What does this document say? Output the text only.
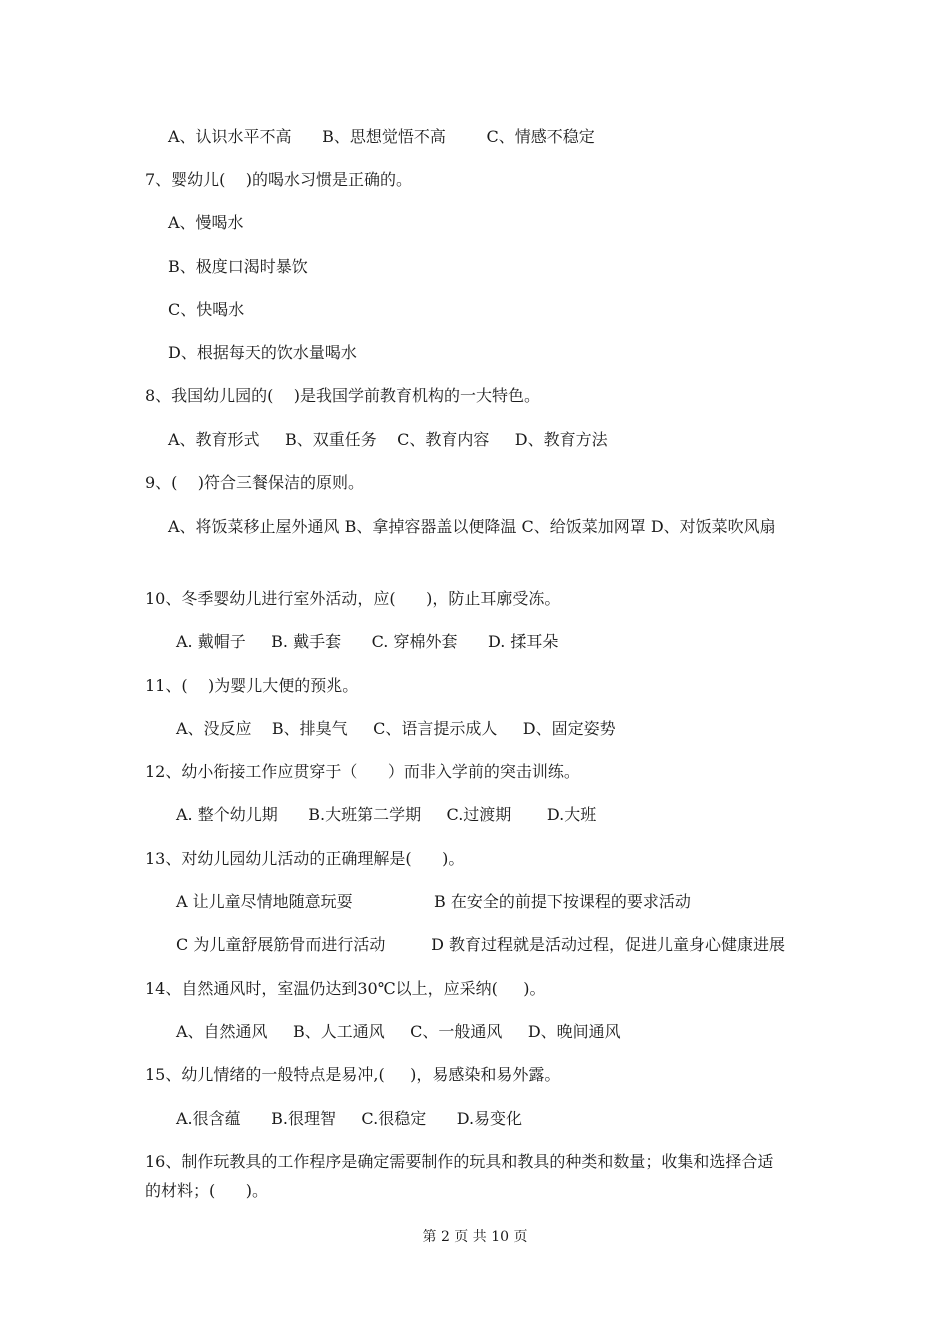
A、认识水平不高      B、思想觉悟不高        C、情感不稳定

7、婴幼儿(    )的喝水习惯是正确的。

A、慢喝水

B、极度口渴时暴饮

C、快喝水

D、根据每天的饮水量喝水

8、我国幼儿园的(    )是我国学前教育机构的一大特色。

A、教育形式     B、双重任务    C、教育内容     D、教育方法

9、(    )符合三餐保洁的原则。

A、将饭菜移止屋外通风 B、拿掉容器盖以便降温 C、给饭菜加网罩 D、对饭菜吹风扇

10、冬季婴幼儿进行室外活动，应(      )，防止耳廓受冻。

A. 戴帽子     B. 戴手套      C. 穿棉外套      D. 揉耳朵

11、(    )为婴儿大便的预兆。

A、没反应    B、排臭气     C、语言提示成人     D、固定姿势

12、幼小衔接工作应贯穿于（      ）而非入学前的突击训练。

A. 整个幼儿期      B.大班第二学期     C.过渡期       D.大班

13、对幼儿园幼儿活动的正确理解是(      )。

A 让儿童尽情地随意玩耍                B 在安全的前提下按课程的要求活动

C 为儿童舒展筋骨而进行活动         D 教育过程就是活动过程，促进儿童身心健康进展

14、自然通风时，室温仍达到30℃以上，应采纳(     )。

A、自然通风     B、人工通风     C、一般通风     D、晚间通风

15、幼儿情绪的一般特点是易冲,(     )，易感染和易外露。

A.很含蕴      B.很理智     C.很稳定      D.易变化

16、制作玩教具的工作程序是确定需要制作的玩具和教具的种类和数量；收集和选择合适

的材料；(      )。

第 2 页 共 10 页
